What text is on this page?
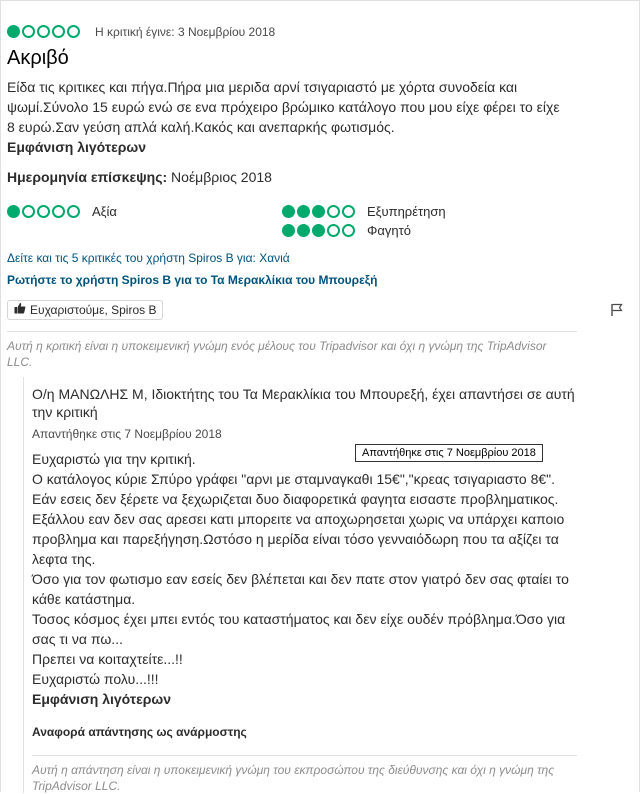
Η κριτική έγινε: 3 Νοεμβρίου 2018
Ακριβό
Είδα τις κριτικες και πήγα.Πήρα μια μεριδα αρνί τσιγαριαστό με χόρτα συνοδεία και
ψωμί.Σύνολο 15 ευρώ ενώ σε ενα πρόχειρο βρώμικο κατάλογο που μου είχε φέρει το είχε
8 ευρώ.Σαν γεύση απλά καλή.Κακός και ανεπαρκής φωτισμός.
Εμφάνιση λιγότερων
Ημερομηνία επίσκεψης: Νοέμβριος 2018
Αξία	Εξυπηρέτηση
Φαγητό
Δείτε και τις 5 κριτικές του χρήστη Spiros B για: Χανιά
Ρωτήστε το χρήστη Spiros B για το Τα Μερακλίκια του Μπουρεξή
Ευχαριστούμε, Spiros B
Αυτή η κριτική είναι η υποκειμενική γνώμη ενός μέλους του Tripadvisor και όχι η γνώμη της TripAdvisor
LLC.
Ο/η ΜΑΝΩΛΗΣ Μ, Ιδιοκτήτης του Τα Μερακλίκια του Μπουρεξή, έχει απαντήσει σε αυτή
την κριτική
Απαντήθηκε στις 7 Νοεμβρίου 2018
Απαντήθηκε στις 7 Νοεμβρίου 2018
Ευχαριστώ για την κριτική.
Ο κατάλογος κύριε Σπύρο γράφει "αρνι με σταμναγκαθι 15€","κρεας τσιγαριαστο 8€".
Εάν εσεις δεν ξέρετε να ξεχωριζεται δυο διαφορετικά φαγητα εισαστε προβληματικος.
Εξάλλου εαν δεν σας αρεσει κατι μπορειτε να αποχωρησεται χωρις να υπάρχει καποιο
προβλημα και παρεξήγηση.Ωστόσο η μερίδα είναι τόσο γενναιόδωρη που τα αξίζει τα
λεφτα της.
Όσο για τον φωτισμο εαν εσείς δεν βλέπεται και δεν πατε στον γιατρό δεν σας φταίει το
κάθε κατάστημα.
Τοσος κόσμος έχει μπει εντός του καταστήματος και δεν είχε ουδέν πρόβλημα.Όσο για
σας τι να πω...
Πρεπει να κοιταχτείτε...!!
Ευχαριστώ πολυ...!!!
Εμφάνιση λιγότερων
Αναφορά απάντησης ως ανάρμοστης
Αυτή η απάντηση είναι η υποκειμενική γνώμη του εκπροσώπου της διεύθυνσης και όχι η γνώμη της
TripAdvisor LLC.
